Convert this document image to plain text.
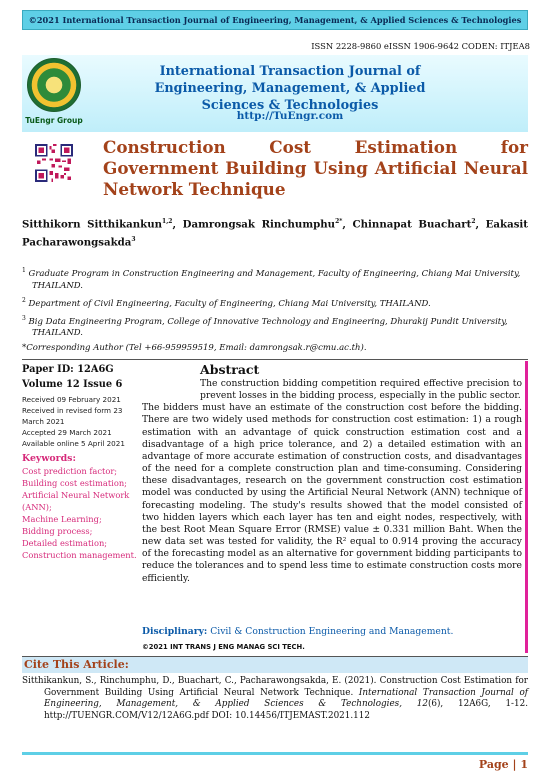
©2021 International Transaction Journal of Engineering, Management, & Applied Sciences & Technologies
ISSN 2228-9860 eISSN 1906-9642 CODEN: ITJEA8
TuEngr Group
International Transaction Journal of Engineering, Management, & Applied Sciences & Technologies
http://TuEngr.com
Construction Cost Estimation for Government Building Using Artificial Neural Network Technique
Sitthikorn Sitthikankun$^{1,2}$, Damrongsak Rinchumphu$^{2*}$, Chinnapat Buachart$^2$, Eakasit Pacharawongsakda$^3$
$^1$ Graduate Program in Construction Engineering and Management, Faculty of Engineering, Chiang Mai University, THAILAND.
$^2$ Department of Civil Engineering, Faculty of Engineering, Chiang Mai University, THAILAND.
$^3$ Big Data Engineering Program, College of Innovative Technology and Engineering, Dhurakij Pundit University, THAILAND.
*Corresponding Author (Tel +66-959959519, Email: damrongsak.r@cmu.ac.th).
Paper ID: 12A6G
Volume 12 Issue 6
Received 09 February 2021
Received in revised form 23 March 2021
Accepted 29 March 2021
Available online 5 April 2021
Keywords:
Cost prediction factor;
Building cost estimation; Artificial Neural Network (ANN);
Machine Learning;
Bidding process;
Detailed estimation;
Construction management.
Abstract
The construction bidding competition required effective precision to prevent losses in the bidding process, especially in the public sector.
The bidders must have an estimate of the construction cost before the bidding. There are two widely used methods for construction cost estimation: 1) a rough estimation with an advantage of quick construction estimation cost and a disadvantage of a high price tolerance, and 2) a detailed estimation with an advantage of more accurate estimation of construction costs, and disadvantages of the need for a complete construction plan and time-consuming. Considering these disadvantages, research on the government construction cost estimation model was conducted by using the Artificial Neural Network (ANN) technique of forecasting modeling. The study's results showed that the model consisted of two hidden layers which each layer has ten and eight nodes, respectively, with the best Root Mean Square Error (RMSE) value ± 0.331 million Baht. When the new data set was tested for validity, the R² equal to 0.914 proving the accuracy of the forecasting model as an alternative for government bidding participants to reduce the tolerances and to spend less time to estimate construction costs more efficiently.
Disciplinary: Civil & Construction Engineering and Management.
©2021 INT TRANS J ENG MANAG SCI TECH.
Cite This Article:
Sitthikankun, S., Rinchumphu, D., Buachart, C., Pacharawongsakda, E. (2021). Construction Cost Estimation for Government Building Using Artificial Neural Network Technique. International Transaction Journal of Engineering, Management, & Applied Sciences & Technologies, 12(6), 12A6G, 1-12. http://TUENGR.COM/V12/12A6G.pdf DOI: 10.14456/ITJEMAST.2021.112
Page | 1
